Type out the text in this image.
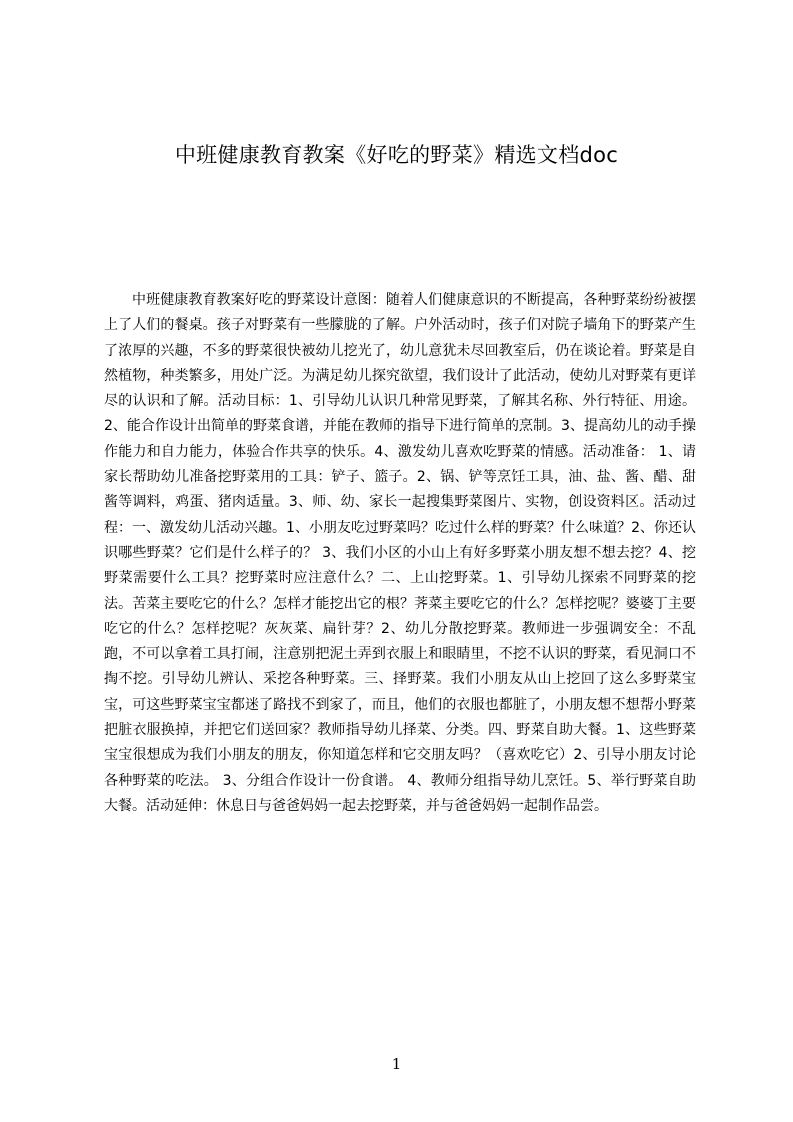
中班健康教育教案《好吃的野菜》精选文档doc

中班健康教育教案好吃的野菜设计意图：随着人们健康意识的不断提高，各种野菜纷纷被摆上了人们的餐桌。孩子对野菜有一些朦胧的了解。户外活动时，孩子们对院子墙角下的野菜产生了浓厚的兴趣，不多的野菜很快被幼儿挖光了，幼儿意犹未尽回教室后，仍在谈论着。野菜是自然植物，种类繁多，用处广泛。为满足幼儿探究欲望，我们设计了此活动，使幼儿对野菜有更详尽的认识和了解。活动目标：1、引导幼儿认识几种常见野菜，了解其名称、外行特征、用途。2、能合作设计出简单的野菜食谱，并能在教师的指导下进行简单的烹制。3、提高幼儿的动手操作能力和自力能力，体验合作共享的快乐。4、激发幼儿喜欢吃野菜的情感。活动准备： 1、请家长帮助幼儿准备挖野菜用的工具：铲子、篮子。2、锅、铲等烹饪工具，油、盐、酱、醋、甜酱等调料，鸡蛋、猪肉适量。3、师、幼、家长一起搜集野菜图片、实物，创设资料区。活动过程：一、激发幼儿活动兴趣。1、小朋友吃过野菜吗？吃过什么样的野菜？什么味道？2、你还认识哪些野菜？它们是什么样子的？ 3、我们小区的小山上有好多野菜小朋友想不想去挖？4、挖野菜需要什么工具？挖野菜时应注意什么？二、上山挖野菜。1、引导幼儿探索不同野菜的挖法。苦菜主要吃它的什么？怎样才能挖出它的根？荠菜主要吃它的什么？怎样挖呢？婆婆丁主要吃它的什么？怎样挖呢？灰灰菜、扁针芽？2、幼儿分散挖野菜。教师进一步强调安全：不乱跑，不可以拿着工具打闹，注意别把泥土弄到衣服上和眼睛里，不挖不认识的野菜，看见洞口不掏不挖。引导幼儿辨认、采挖各种野菜。三、择野菜。我们小朋友从山上挖回了这么多野菜宝宝，可这些野菜宝宝都迷了路找不到家了，而且，他们的衣服也都脏了，小朋友想不想帮小野菜把脏衣服换掉，并把它们送回家？教师指导幼儿择菜、分类。四、野菜自助大餐。1、这些野菜宝宝很想成为我们小朋友的朋友，你知道怎样和它交朋友吗？（喜欢吃它）2、引导小朋友讨论各种野菜的吃法。 3、分组合作设计一份食谱。 4、教师分组指导幼儿烹饪。5、举行野菜自助大餐。活动延伸：休息日与爸爸妈妈一起去挖野菜，并与爸爸妈妈一起制作品尝。

1
